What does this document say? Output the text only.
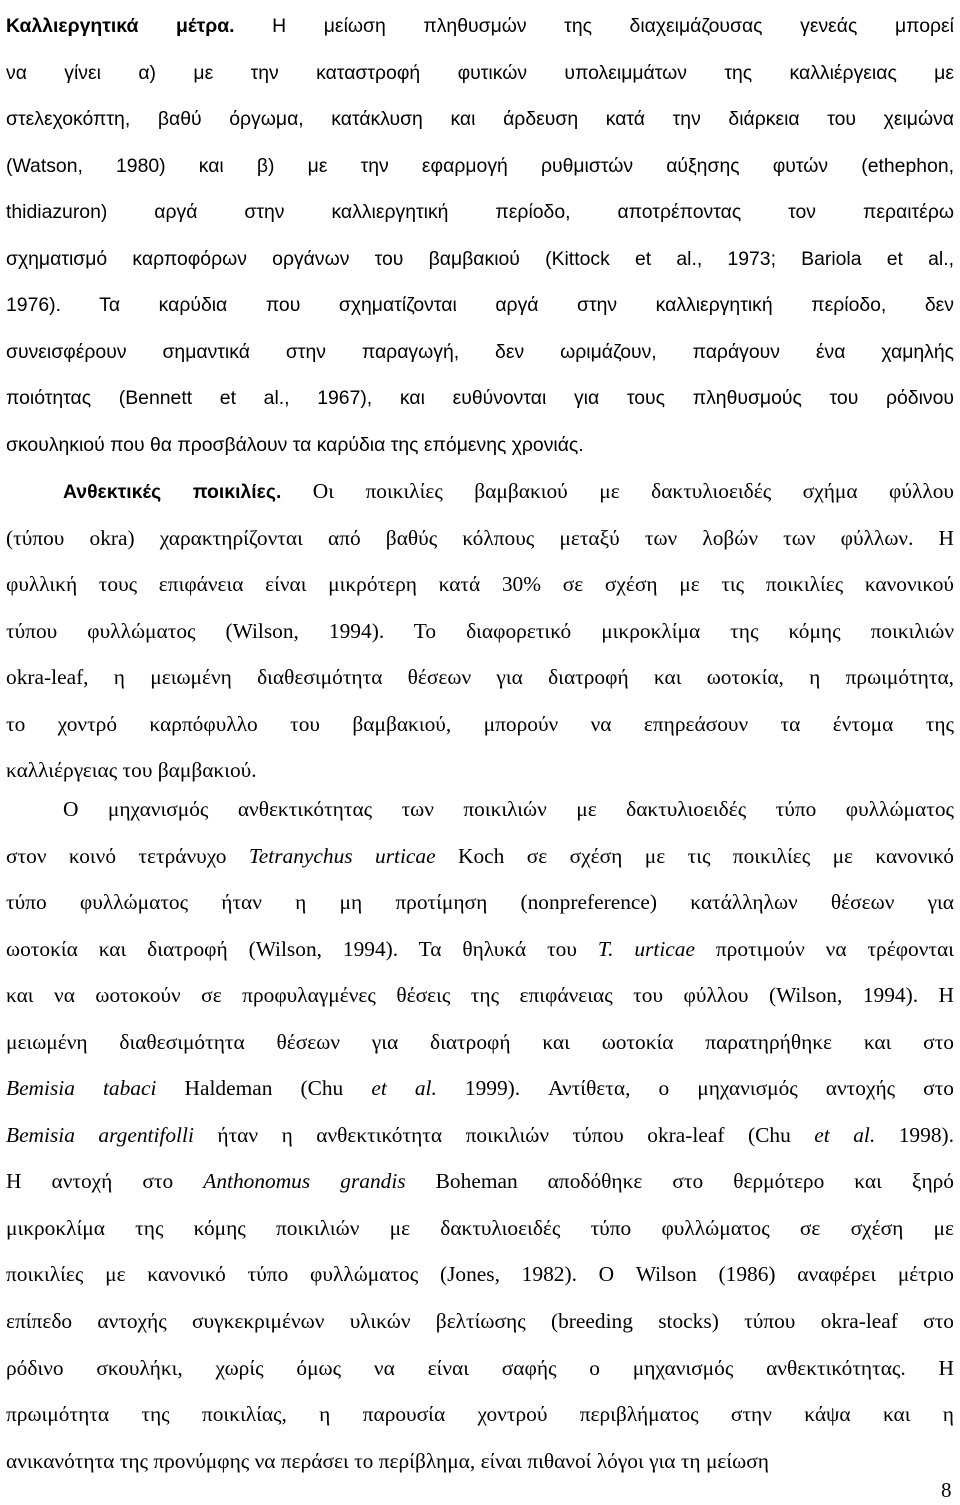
Καλλιεργητικά μέτρα. Η μείωση πληθυσμών της διαχειμάζουσας γενεάς μπορεί
να γίνει α) με την καταστροφή φυτικών υπολειμμάτων της καλλιέργειας με
στελεχοκόπτη, βαθύ όργωμα, κατάκλυση και άρδευση κατά την διάρκεια του χειμώνα
(Watson, 1980) και β) με την εφαρμογή ρυθμιστών αύξησης φυτών (ethephon,
thidiazuron) αργά στην καλλιεργητική περίοδο, αποτρέποντας τον περαιτέρω
σχηματισμό καρποφόρων οργάνων του βαμβακιού (Kittock et al., 1973; Bariola et al.,
1976). Τα καρύδια που σχηματίζονται αργά στην καλλιεργητική περίοδο, δεν
συνεισφέρουν σημαντικά στην παραγωγή, δεν ωριμάζουν, παράγουν ένα χαμηλής
ποιότητας (Bennett et al., 1967), και ευθύνονται για τους πληθυσμούς του ρόδινου
σκουληκιού που θα προσβάλουν τα καρύδια της επόμενης χρονιάς.
Ανθεκτικές ποικιλίες. Οι ποικιλίες βαμβακιού με δακτυλιοειδές σχήμα φύλλου
(τύπου okra) χαρακτηρίζονται από βαθύς κόλπους μεταξύ των λοβών των φύλλων. Η
φυλλική τους επιφάνεια είναι μικρότερη κατά 30% σε σχέση με τις ποικιλίες κανονικού
τύπου φυλλώματος (Wilson, 1994). Το διαφορετικό μικροκλίμα της κόμης ποικιλιών
okra-leaf, η μειωμένη διαθεσιμότητα θέσεων για διατροφή και ωοτοκία, η πρωιμότητα,
το χοντρό καρπόφυλλο του βαμβακιού, μπορούν να επηρεάσουν τα έντομα της
καλλιέργειας του βαμβακιού.
Ο μηχανισμός ανθεκτικότητας των ποικιλιών με δακτυλιοειδές τύπο φυλλώματος
στον κοινό τετράνυχο Tetranychus urticae Koch σε σχέση με τις ποικιλίες με κανονικό
τύπο φυλλώματος ήταν η μη προτίμηση (nonpreference) κατάλληλων θέσεων για
ωοτοκία και διατροφή (Wilson, 1994). Τα θηλυκά του T. urticae προτιμούν να τρέφονται
και να ωοτοκούν σε προφυλαγμένες θέσεις της επιφάνειας του φύλλου (Wilson, 1994). Η
μειωμένη διαθεσιμότητα θέσεων για διατροφή και ωοτοκία παρατηρήθηκε και στο
Bemisia tabaci Haldeman (Chu et al. 1999). Αντίθετα, ο μηχανισμός αντοχής στο
Bemisia argentifolli ήταν η ανθεκτικότητα ποικιλιών τύπου okra-leaf (Chu et al. 1998).
Η αντοχή στο Anthonomus grandis Boheman αποδόθηκε στο θερμότερο και ξηρό
μικροκλίμα της κόμης ποικιλιών με δακτυλιοειδές τύπο φυλλώματος σε σχέση με
ποικιλίες με κανονικό τύπο φυλλώματος (Jones, 1982). Ο Wilson (1986) αναφέρει μέτριο
επίπεδο αντοχής συγκεκριμένων υλικών βελτίωσης (breeding stocks) τύπου okra-leaf στο
ρόδινο σκουλήκι, χωρίς όμως να είναι σαφής ο μηχανισμός ανθεκτικότητας. Η
πρωιμότητα της ποικιλίας, η παρουσία χοντρού περιβλήματος στην κάψα και η
ανικανότητα της προνύμφης να περάσει το περίβλημα, είναι πιθανοί λόγοι για τη μείωση
8
